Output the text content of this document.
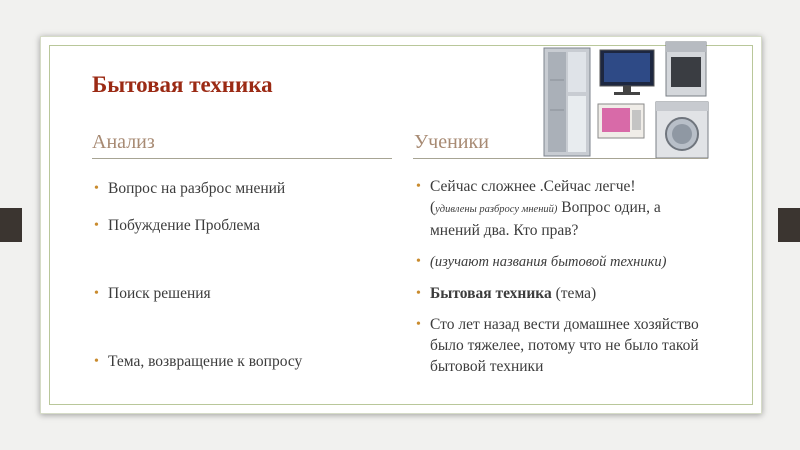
Бытовая техника
Анализ	Ученики
• Вопрос на разброс мнений
• Побуждение Проблема
• Поиск решения
• Тема, возвращение к вопросу
• Сейчас сложнее .Сейчас легче!
(удивлены разбросу мнений) Вопрос один, а мнений два. Кто прав?
• (изучают названия бытовой техники)
• Бытовая техника (тема)
• Сто лет назад вести домашнее хозяйство было тяжелее, потому что не было такой бытовой техники
